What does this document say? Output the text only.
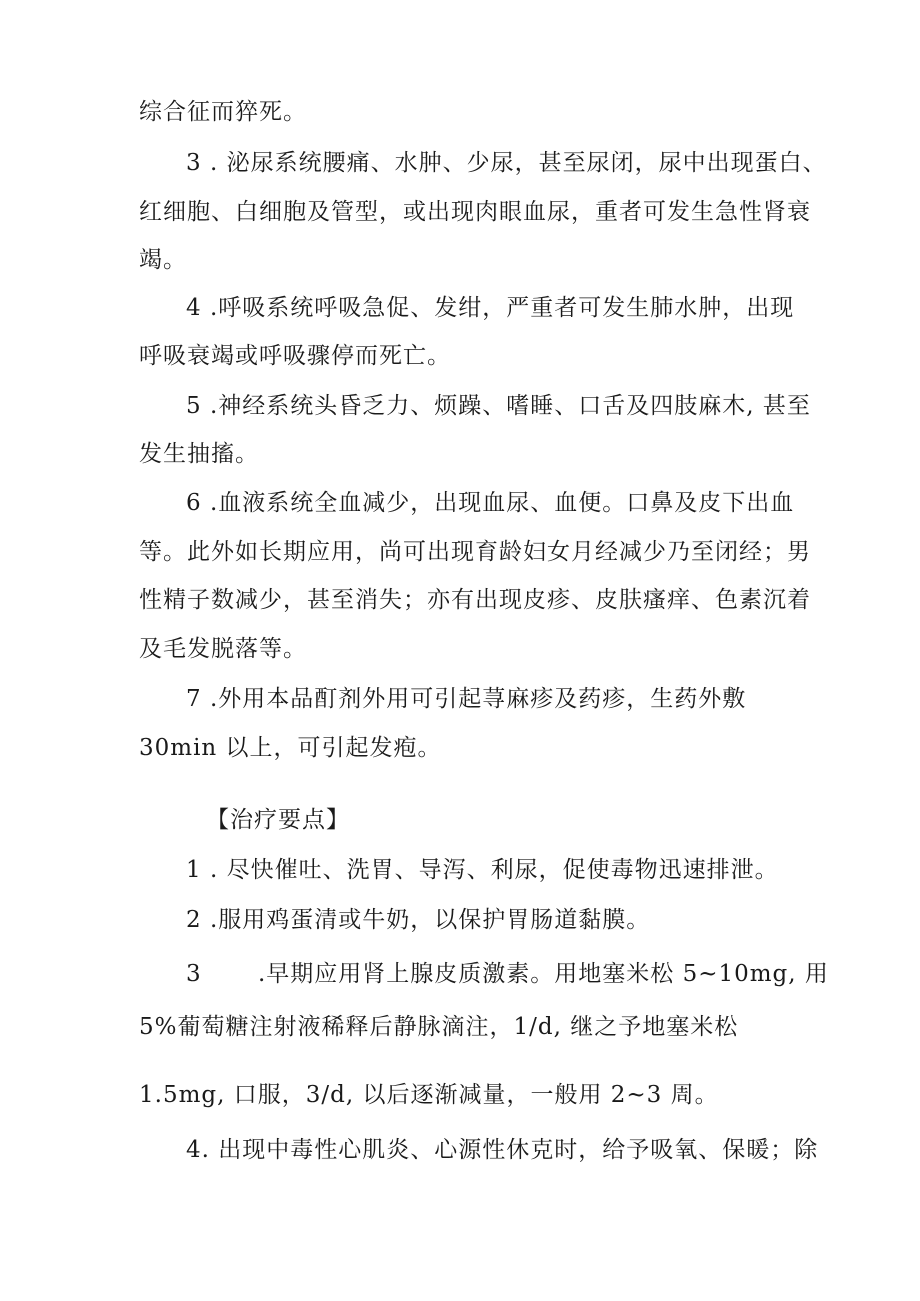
综合征而猝死。
3 . 泌尿系统腰痛、水肿、少尿，甚至尿闭，尿中出现蛋白、
红细胞、白细胞及管型，或出现肉眼血尿，重者可发生急性肾衰
竭。
4 .呼吸系统呼吸急促、发绀，严重者可发生肺水肿，出现
呼吸衰竭或呼吸骤停而死亡。
5 .神经系统头昏乏力、烦躁、嗜睡、口舌及四肢麻木, 甚至
发生抽搐。
6 .血液系统全血减少，出现血尿、血便。口鼻及皮下出血
等。此外如长期应用，尚可出现育龄妇女月经减少乃至闭经；男
性精子数减少，甚至消失；亦有出现皮疹、皮肤瘙痒、色素沉着
及毛发脱落等。
7 .外用本品酊剂外用可引起荨麻疹及药疹，生药外敷
30min 以上，可引起发疱。
【治疗要点】
1 . 尽快催吐、洗胃、导泻、利尿，促使毒物迅速排泄。
2 .服用鸡蛋清或牛奶，以保护胃肠道黏膜。
3 　　.早期应用肾上腺皮质激素。用地塞米松 5~10mg, 用
5%葡萄糖注射液稀释后静脉滴注，1/d, 继之予地塞米松
1.5mg, 口服，3/d, 以后逐渐减量，一般用 2~3 周。
4. 出现中毒性心肌炎、心源性休克时，给予吸氧、保暖；除
